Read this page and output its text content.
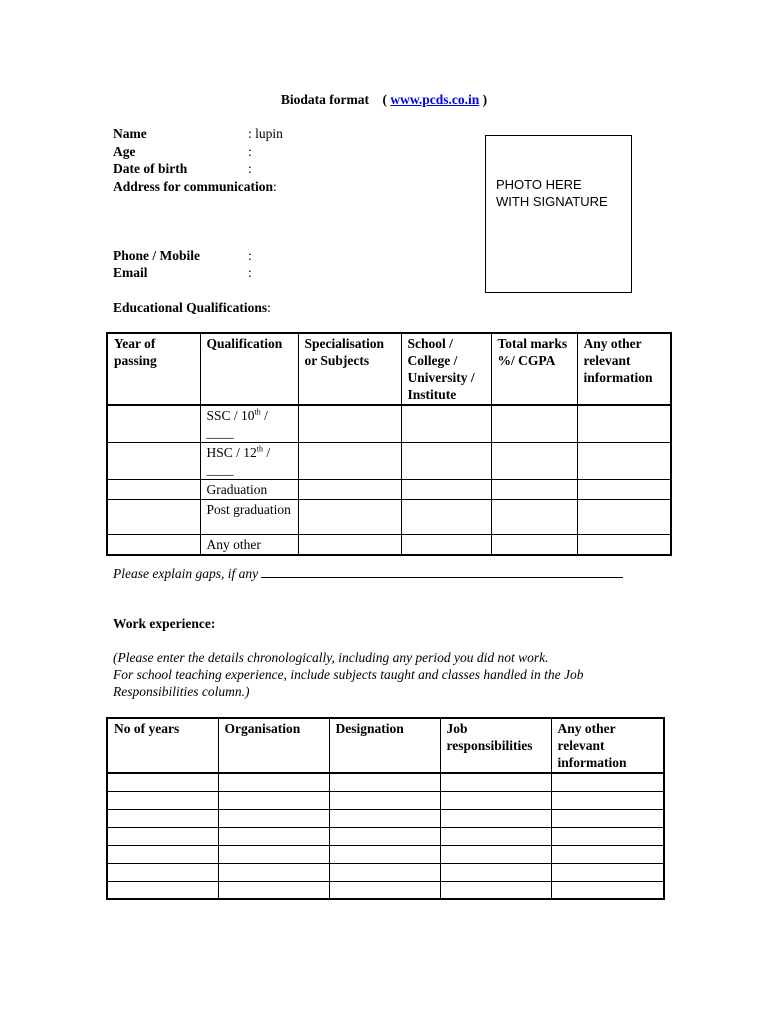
Biodata format ( www.pcds.co.in )
Name	: lupin
Age	:
Date of birth	:
Address for communication:
Phone / Mobile	:
Email	:
PHOTO HERE
WITH SIGNATURE
Educational Qualifications:
Year of passing	Qualification	Specialisation or Subjects	School / College / University / Institute	Total marks %/ CGPA	Any other relevant information
	SSC / 10th / ____				
	HSC / 12th / ____				
	Graduation				
	Post graduation				
	Any other				
Please explain gaps, if any
Work experience:
(Please enter the details chronologically, including any period you did not work.
For school teaching experience, include subjects taught and classes handled in the Job Responsibilities column.)
No of years	Organisation	Designation	Job responsibilities	Any other relevant information
